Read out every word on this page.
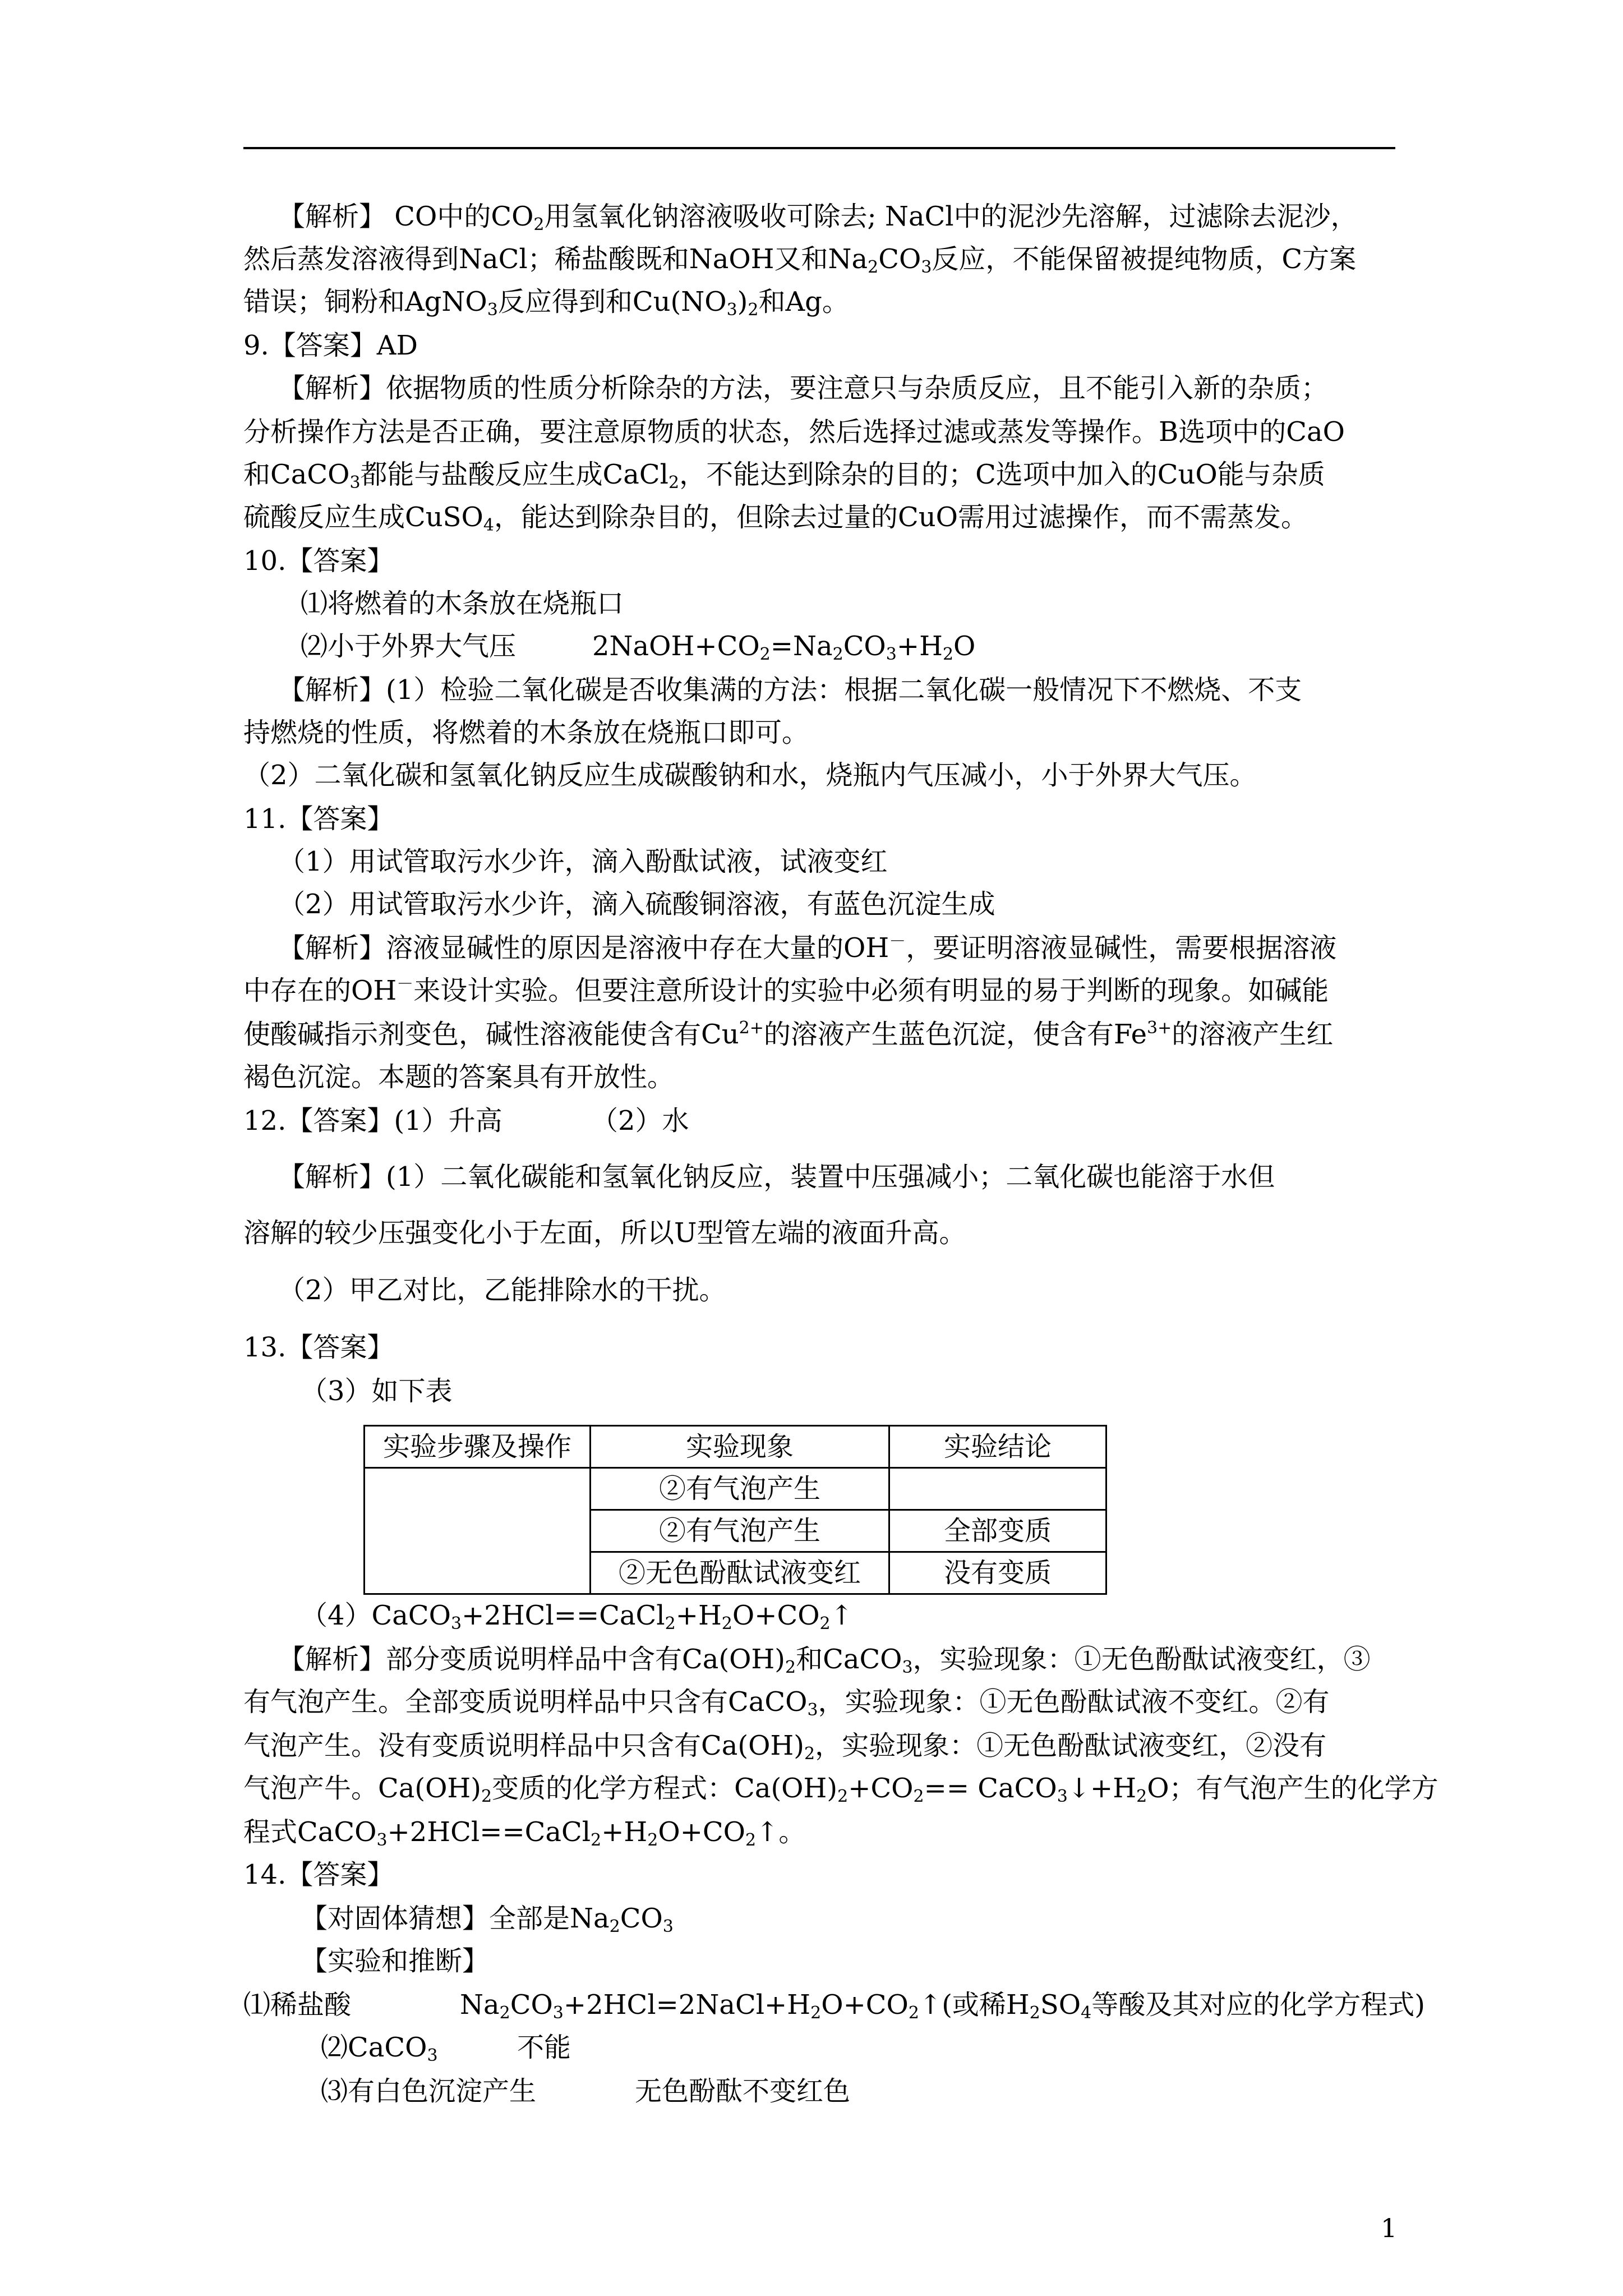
【解析】 CO中的$CO_2$用氢氧化钠溶液吸收可除去; NaCl中的泥沙先溶解，过滤除去泥沙，
然后蒸发溶液得到NaCl；稀盐酸既和NaOH又和$Na_2CO_3$反应，不能保留被提纯物质，C方案
错误；铜粉和AgNO$_3$反应得到和$Cu(NO_3)_2$和Ag。
9.【答案】AD
【解析】依据物质的性质分析除杂的方法，要注意只与杂质反应，且不能引入新的杂质；
分析操作方法是否正确，要注意原物质的状态，然后选择过滤或蒸发等操作。B选项中的CaO
和CaCO$_3$都能与盐酸反应生成CaCl$_2$，不能达到除杂的目的；C选项中加入的CuO能与杂质
硫酸反应生成CuSO$_4$，能达到除杂目的，但除去过量的CuO需用过滤操作，而不需蒸发。
10.【答案】
⑴将燃着的木条放在烧瓶口
⑵小于外界大气压	$2NaOH+CO_2=Na_2CO_3+H_2O$
【解析】(1）检验二氧化碳是否收集满的方法：根据二氧化碳一般情况下不燃烧、不支
持燃烧的性质，将燃着的木条放在烧瓶口即可。
（2）二氧化碳和氢氧化钠反应生成碳酸钠和水，烧瓶内气压减小，小于外界大气压。
11.【答案】
（1）用试管取污水少许，滴入酚酞试液，试液变红
（2）用试管取污水少许，滴入硫酸铜溶液，有蓝色沉淀生成
【解析】溶液显碱性的原因是溶液中存在大量的OH－，要证明溶液显碱性，需要根据溶液
中存在的OH－来设计实验。但要注意所设计的实验中必须有明显的易于判断的现象。如碱能
使酸碱指示剂变色，碱性溶液能使含有$Cu^{2+}$的溶液产生蓝色沉淀，使含有$Fe^{3+}$的溶液产生红
褐色沉淀。本题的答案具有开放性。
12.【答案】(1）升高	（2）水
【解析】(1）二氧化碳能和氢氧化钠反应，装置中压强减小；二氧化碳也能溶于水但
溶解的较少压强变化小于左面，所以U型管左端的液面升高。
（2）甲乙对比，乙能排除水的干扰。
13.【答案】
（3）如下表
实验步骤及操作	实验现象	实验结论
	②有气泡产生	
	②有气泡产生	全部变质
	②无色酚酞试液变红	没有变质
$(4)CaCO_3+2HCl==CaCl_2+H_2O+CO_2↑$
【解析】部分变质说明样品中含有$Ca(OH)_2$和CaCO$_3$，实验现象：①无色酚酞试液变红，③
有气泡产生。全部变质说明样品中只含有CaCO$_3$，实验现象：①无色酚酞试液不变红。②有
气泡产生。没有变质说明样品中只含有$Ca(OH)_2$，实验现象：①无色酚酞试液变红，②没有
气泡产牛。$Ca(OH)_2$变质的化学方程式：$Ca(OH)_2+CO_2==$ $CaCO_3↓+H_2O$；有气泡产生的化学方
程式$CaCO_3+2HCl==CaCl_2+H_2O+CO_2↑$。
14.【答案】
【对固体猜想】全部是$Na_2CO_3$
【实验和推断】
⑴稀盐酸	$Na_2CO_3+2HCl=2NaCl+H_2O+CO_2↑$(或稀$H_2SO_4$等酸及其对应的化学方程式)
⑵CaCO$_3$	不能
⑶有白色沉淀产生	无色酚酞不变红色
1
